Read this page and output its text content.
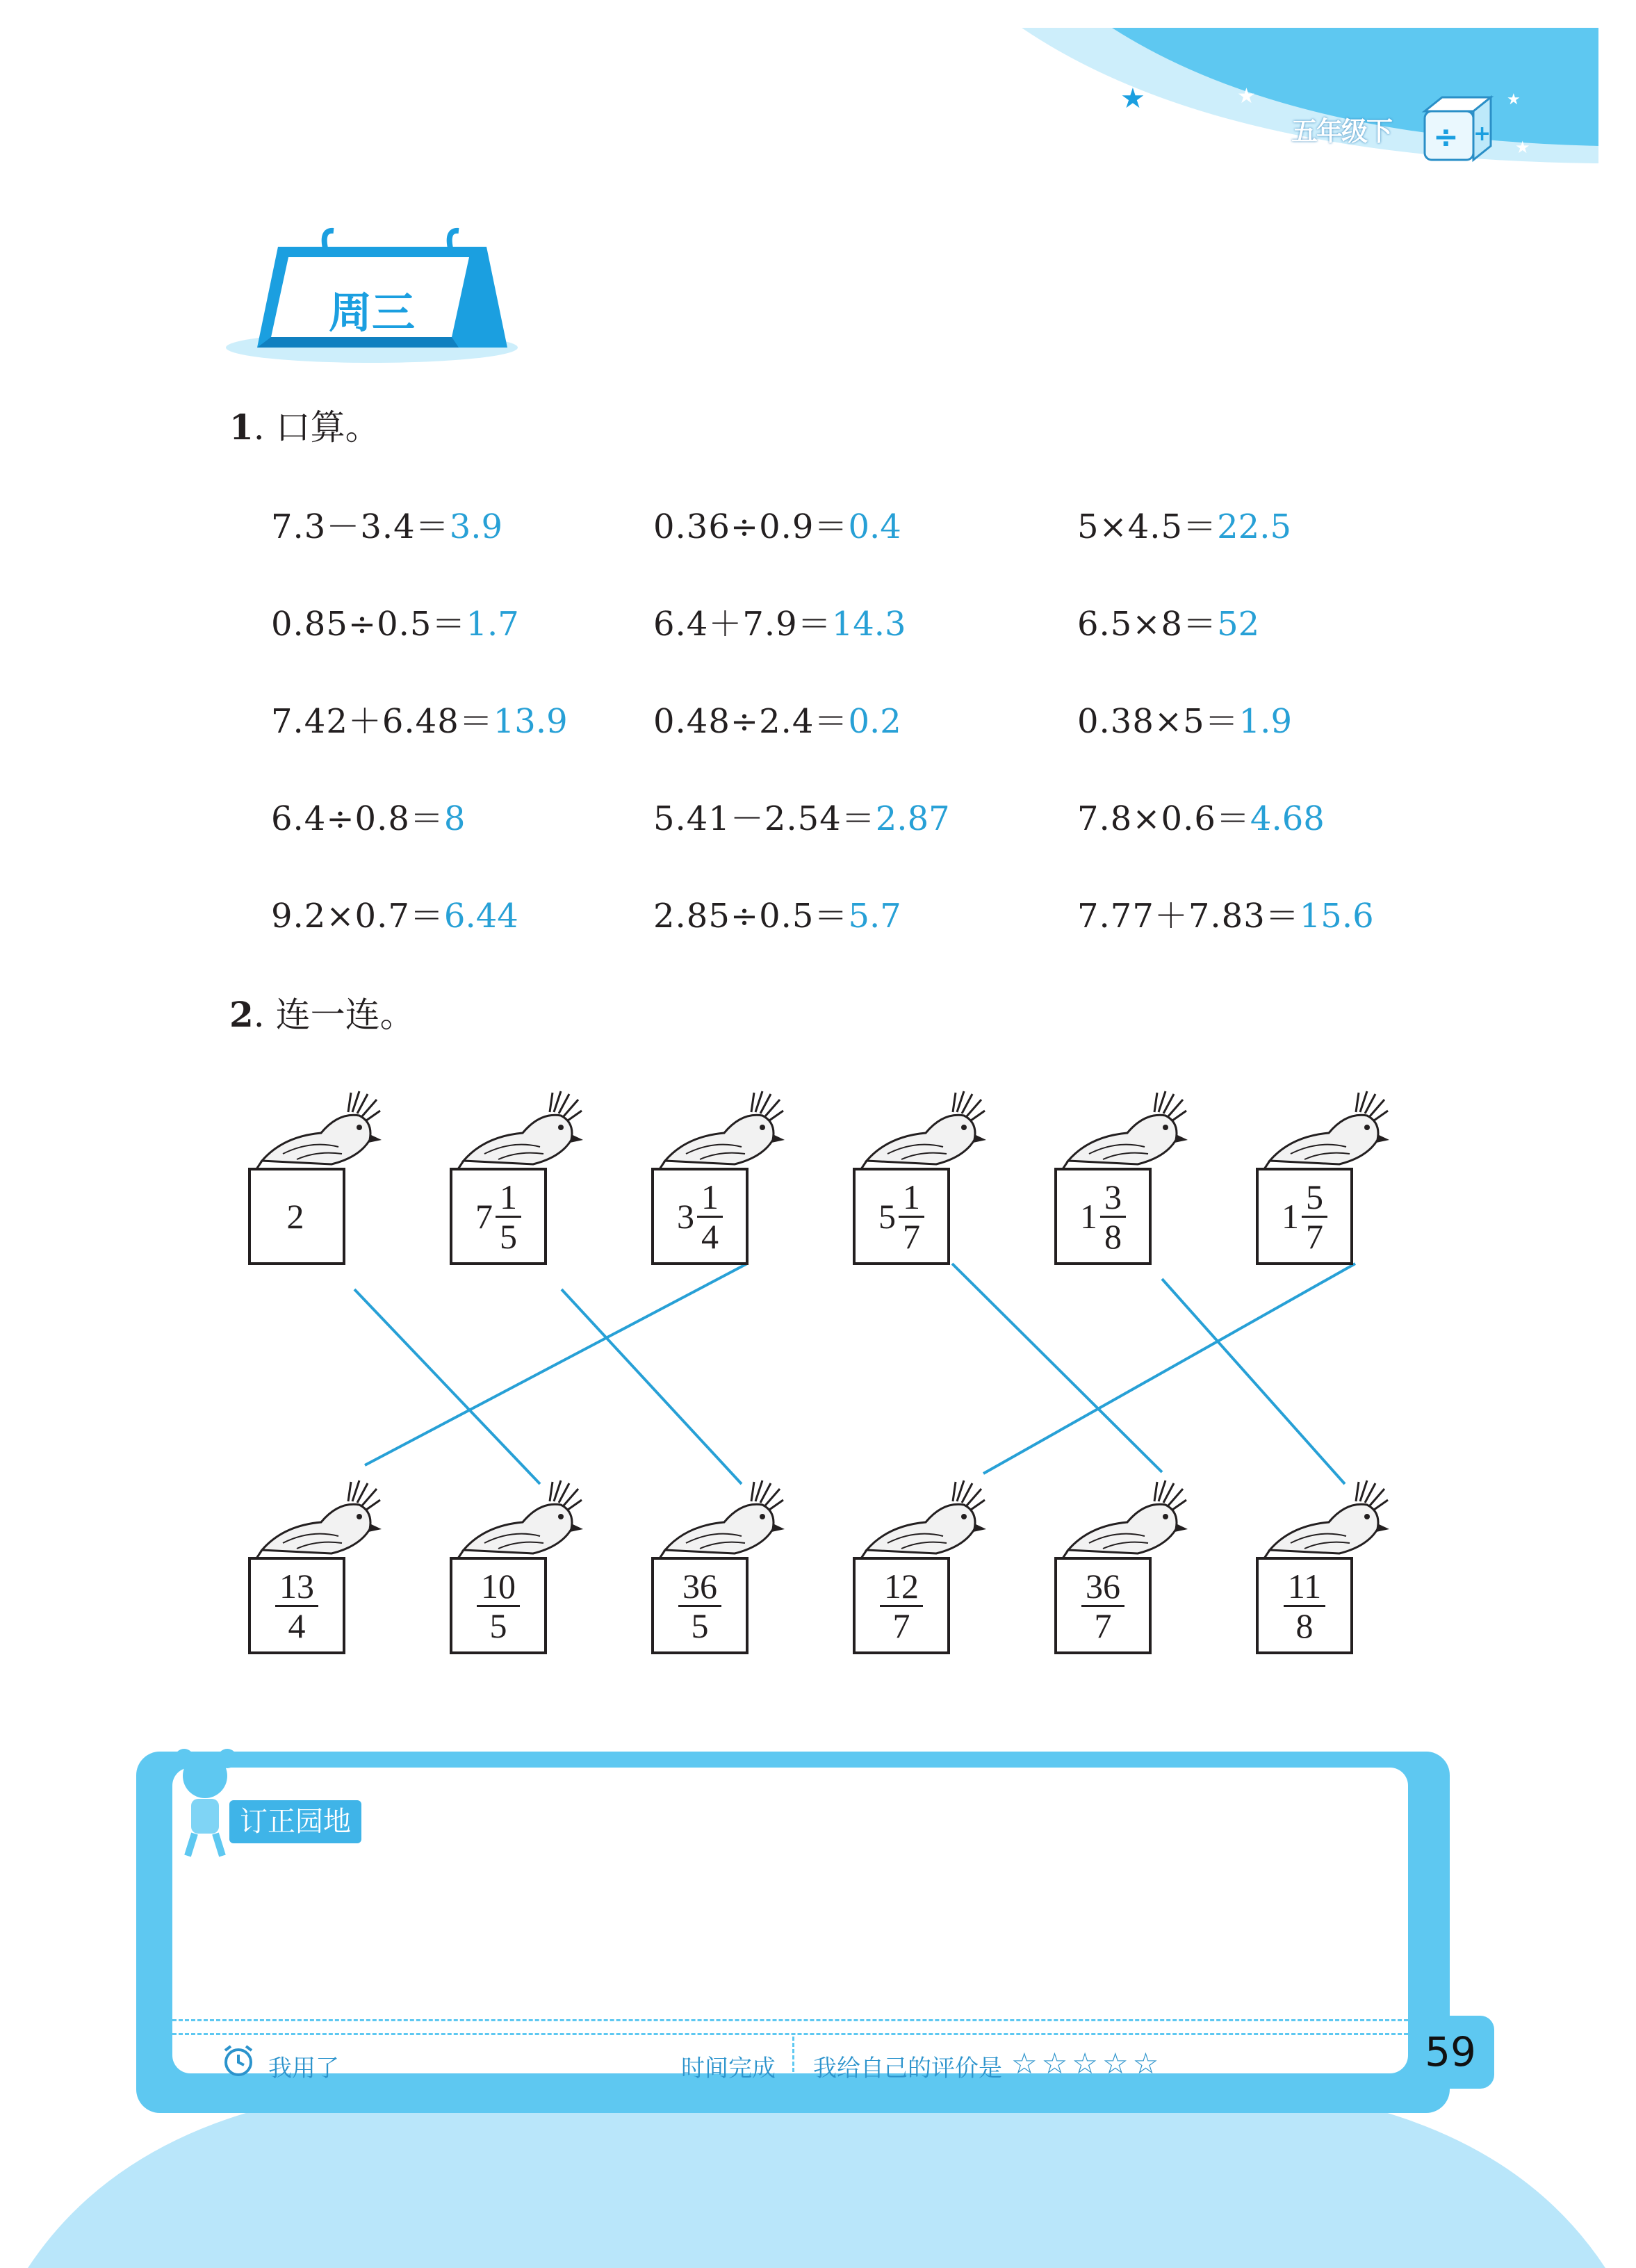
★	★	★
★
÷ +
五年级下
周三
1. 口算。
7.3－3.4＝3.9	0.36÷0.9＝0.4	5×4.5＝22.5
0.85÷0.5＝1.7	6.4＋7.9＝14.3	6.5×8＝52
7.42＋6.48＝13.9	0.48÷2.4＝0.2	0.38×5＝1.9
6.4÷0.8＝8	5.41－2.54＝2.87	7.8×0.6＝4.68
9.2×0.7＝6.44	2.85÷0.5＝5.7	7.77＋7.83＝15.6
2. 连一连。
2	$7 \frac{1}{5}$	$3 \frac{1}{4}$	$5 \frac{1}{7}$	$1 \frac{3}{8}$	$1 \frac{5}{7}$
$\frac{13}{4}$	$\frac{10}{5}$	$\frac{36}{5}$	$\frac{12}{7}$	$\frac{36}{7}$	$\frac{11}{8}$
订正园地
我用了	时间完成 我给自己的评价是 ☆☆☆☆☆	59
